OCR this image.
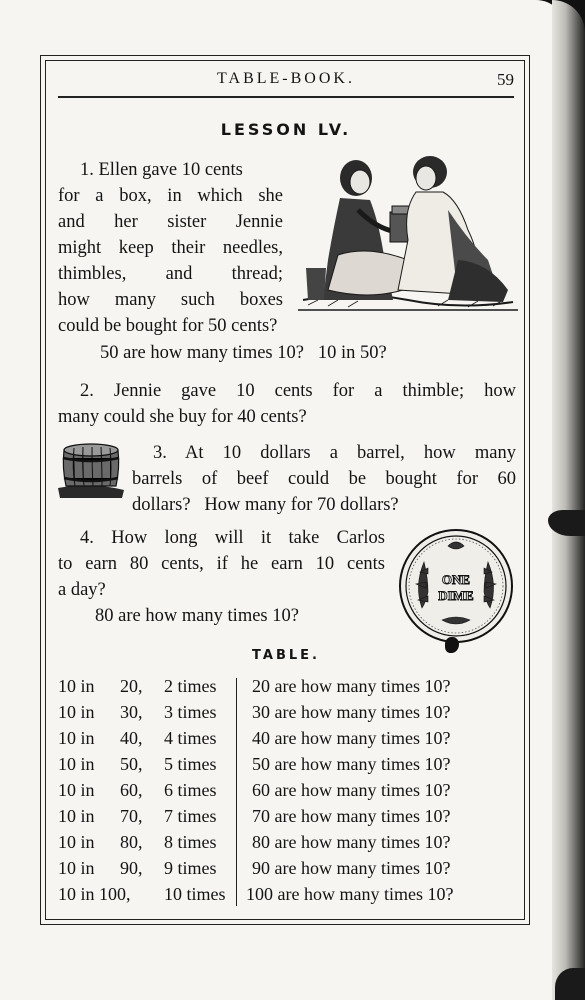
TABLE-BOOK.	59
LESSON LV.
1. Ellen gave 10 cents
for a box, in which she
and her sister Jennie
might keep their needles,
thimbles, and thread;
how many such boxes
could be bought for 50 cents?
50 are how many times 10?   10 in 50?
2. Jennie gave 10 cents for a thimble; how
many could she buy for 40 cents?
3. At 10 dollars a barrel, how many
barrels of beef could be bought for 60
dollars?   How many for 70 dollars?
4. How long will it take Carlos
to earn 80 cents, if he earn 10 cents
a day?
80 are how many times 10?
ONE
DIME
TABLE.
10 in 20, 2 times
10 in 30, 3 times
10 in 40, 4 times
10 in 50, 5 times
10 in 60, 6 times
10 in 70, 7 times
10 in 80, 8 times
10 in 90, 9 times
10 in 100, 10 times
20 are how many times 10?
30 are how many times 10?
40 are how many times 10?
50 are how many times 10?
60 are how many times 10?
70 are how many times 10?
80 are how many times 10?
90 are how many times 10?
100 are how many times 10?
